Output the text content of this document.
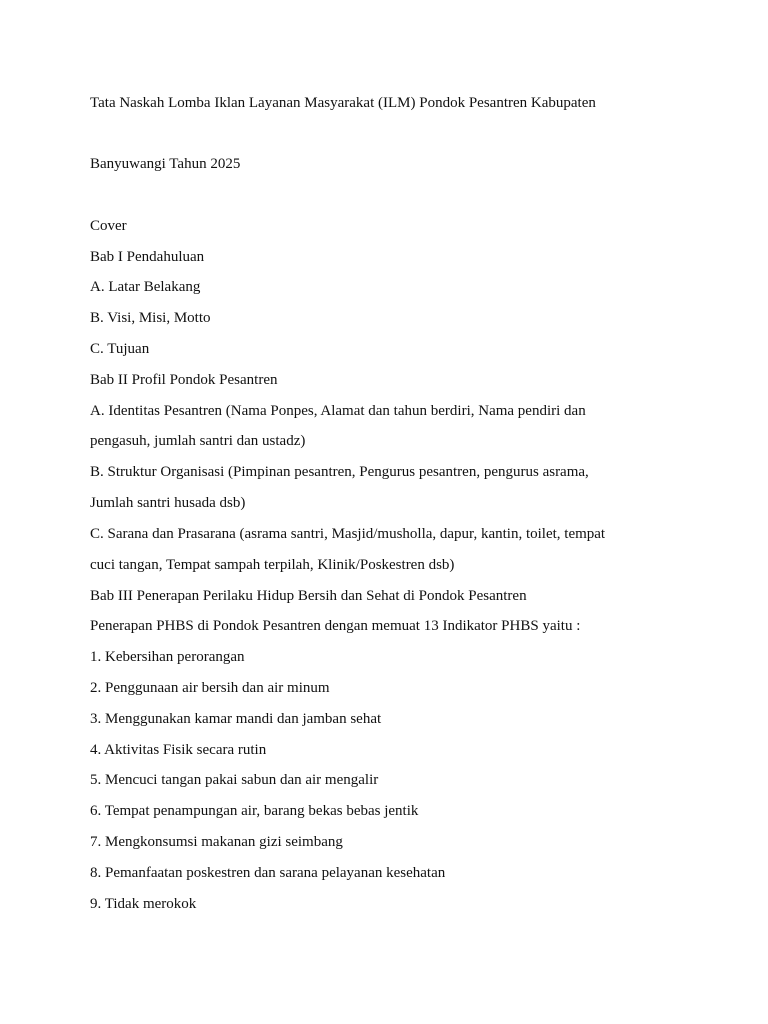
Tata Naskah Lomba Iklan Layanan Masyarakat (ILM) Pondok Pesantren Kabupaten

Banyuwangi Tahun 2025

Cover

Bab I Pendahuluan

A. Latar Belakang

B. Visi, Misi, Motto

C. Tujuan

Bab II Profil Pondok Pesantren

A. Identitas Pesantren (Nama Ponpes, Alamat dan tahun berdiri, Nama pendiri dan

pengasuh, jumlah santri dan ustadz)

B. Struktur Organisasi (Pimpinan pesantren, Pengurus pesantren, pengurus asrama,

Jumlah santri husada dsb)

C. Sarana dan Prasarana (asrama santri, Masjid/musholla, dapur, kantin, toilet, tempat

cuci tangan, Tempat sampah terpilah, Klinik/Poskestren dsb)

Bab III Penerapan Perilaku Hidup Bersih dan Sehat di Pondok Pesantren

Penerapan PHBS di Pondok Pesantren dengan memuat 13 Indikator PHBS yaitu :

1. Kebersihan perorangan

2. Penggunaan air bersih dan air minum

3. Menggunakan kamar mandi dan jamban sehat

4. Aktivitas Fisik secara rutin

5. Mencuci tangan pakai sabun dan air mengalir

6. Tempat penampungan air, barang bekas bebas jentik

7. Mengkonsumsi makanan gizi seimbang

8. Pemanfaatan poskestren dan sarana pelayanan kesehatan

9. Tidak merokok
